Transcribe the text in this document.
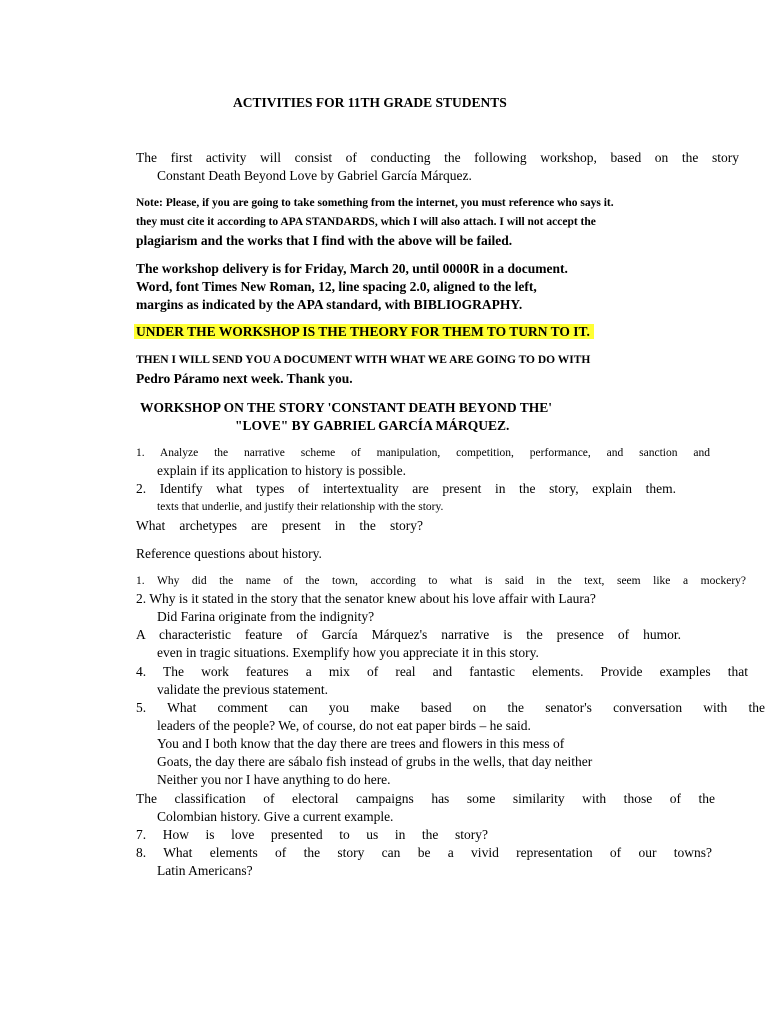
ACTIVITIES FOR 11TH GRADE STUDENTS
The first activity will consist of conducting the following workshop, based on the story
Constant Death Beyond Love by Gabriel García Márquez.
Note: Please, if you are going to take something from the internet, you must reference who says it.
they must cite it according to APA STANDARDS, which I will also attach. I will not accept the
plagiarism and the works that I find with the above will be failed.
The workshop delivery is for Friday, March 20, until 0000R in a document.
Word, font Times New Roman, 12, line spacing 2.0, aligned to the left,
margins as indicated by the APA standard, with BIBLIOGRAPHY.
UNDER THE WORKSHOP IS THE THEORY FOR THEM TO TURN TO IT.
THEN I WILL SEND YOU A DOCUMENT WITH WHAT WE ARE GOING TO DO WITH
Pedro Páramo next week. Thank you.
WORKSHOP ON THE STORY 'CONSTANT DEATH BEYOND THE'
"LOVE" BY GABRIEL GARCÍA MÁRQUEZ.
1. Analyze the narrative scheme of manipulation, competition, performance, and sanction and
explain if its application to history is possible.
2. Identify what types of intertextuality are present in the story, explain them.
texts that underlie, and justify their relationship with the story.
What archetypes are present in the story?
Reference questions about history.
1. Why did the name of the town, according to what is said in the text, seem like a mockery?
2. Why is it stated in the story that the senator knew about his love affair with Laura?
Did Farina originate from the indignity?
A characteristic feature of García Márquez's narrative is the presence of humor.
even in tragic situations. Exemplify how you appreciate it in this story.
4. The work features a mix of real and fantastic elements. Provide examples that
validate the previous statement.
5. What comment can you make based on the senator's conversation with the
leaders of the people? We, of course, do not eat paper birds – he said.
You and I both know that the day there are trees and flowers in this mess of
Goats, the day there are sábalo fish instead of grubs in the wells, that day neither
Neither you nor I have anything to do here.
The classification of electoral campaigns has some similarity with those of the
Colombian history. Give a current example.
7. How is love presented to us in the story?
8. What elements of the story can be a vivid representation of our towns?
Latin Americans?
